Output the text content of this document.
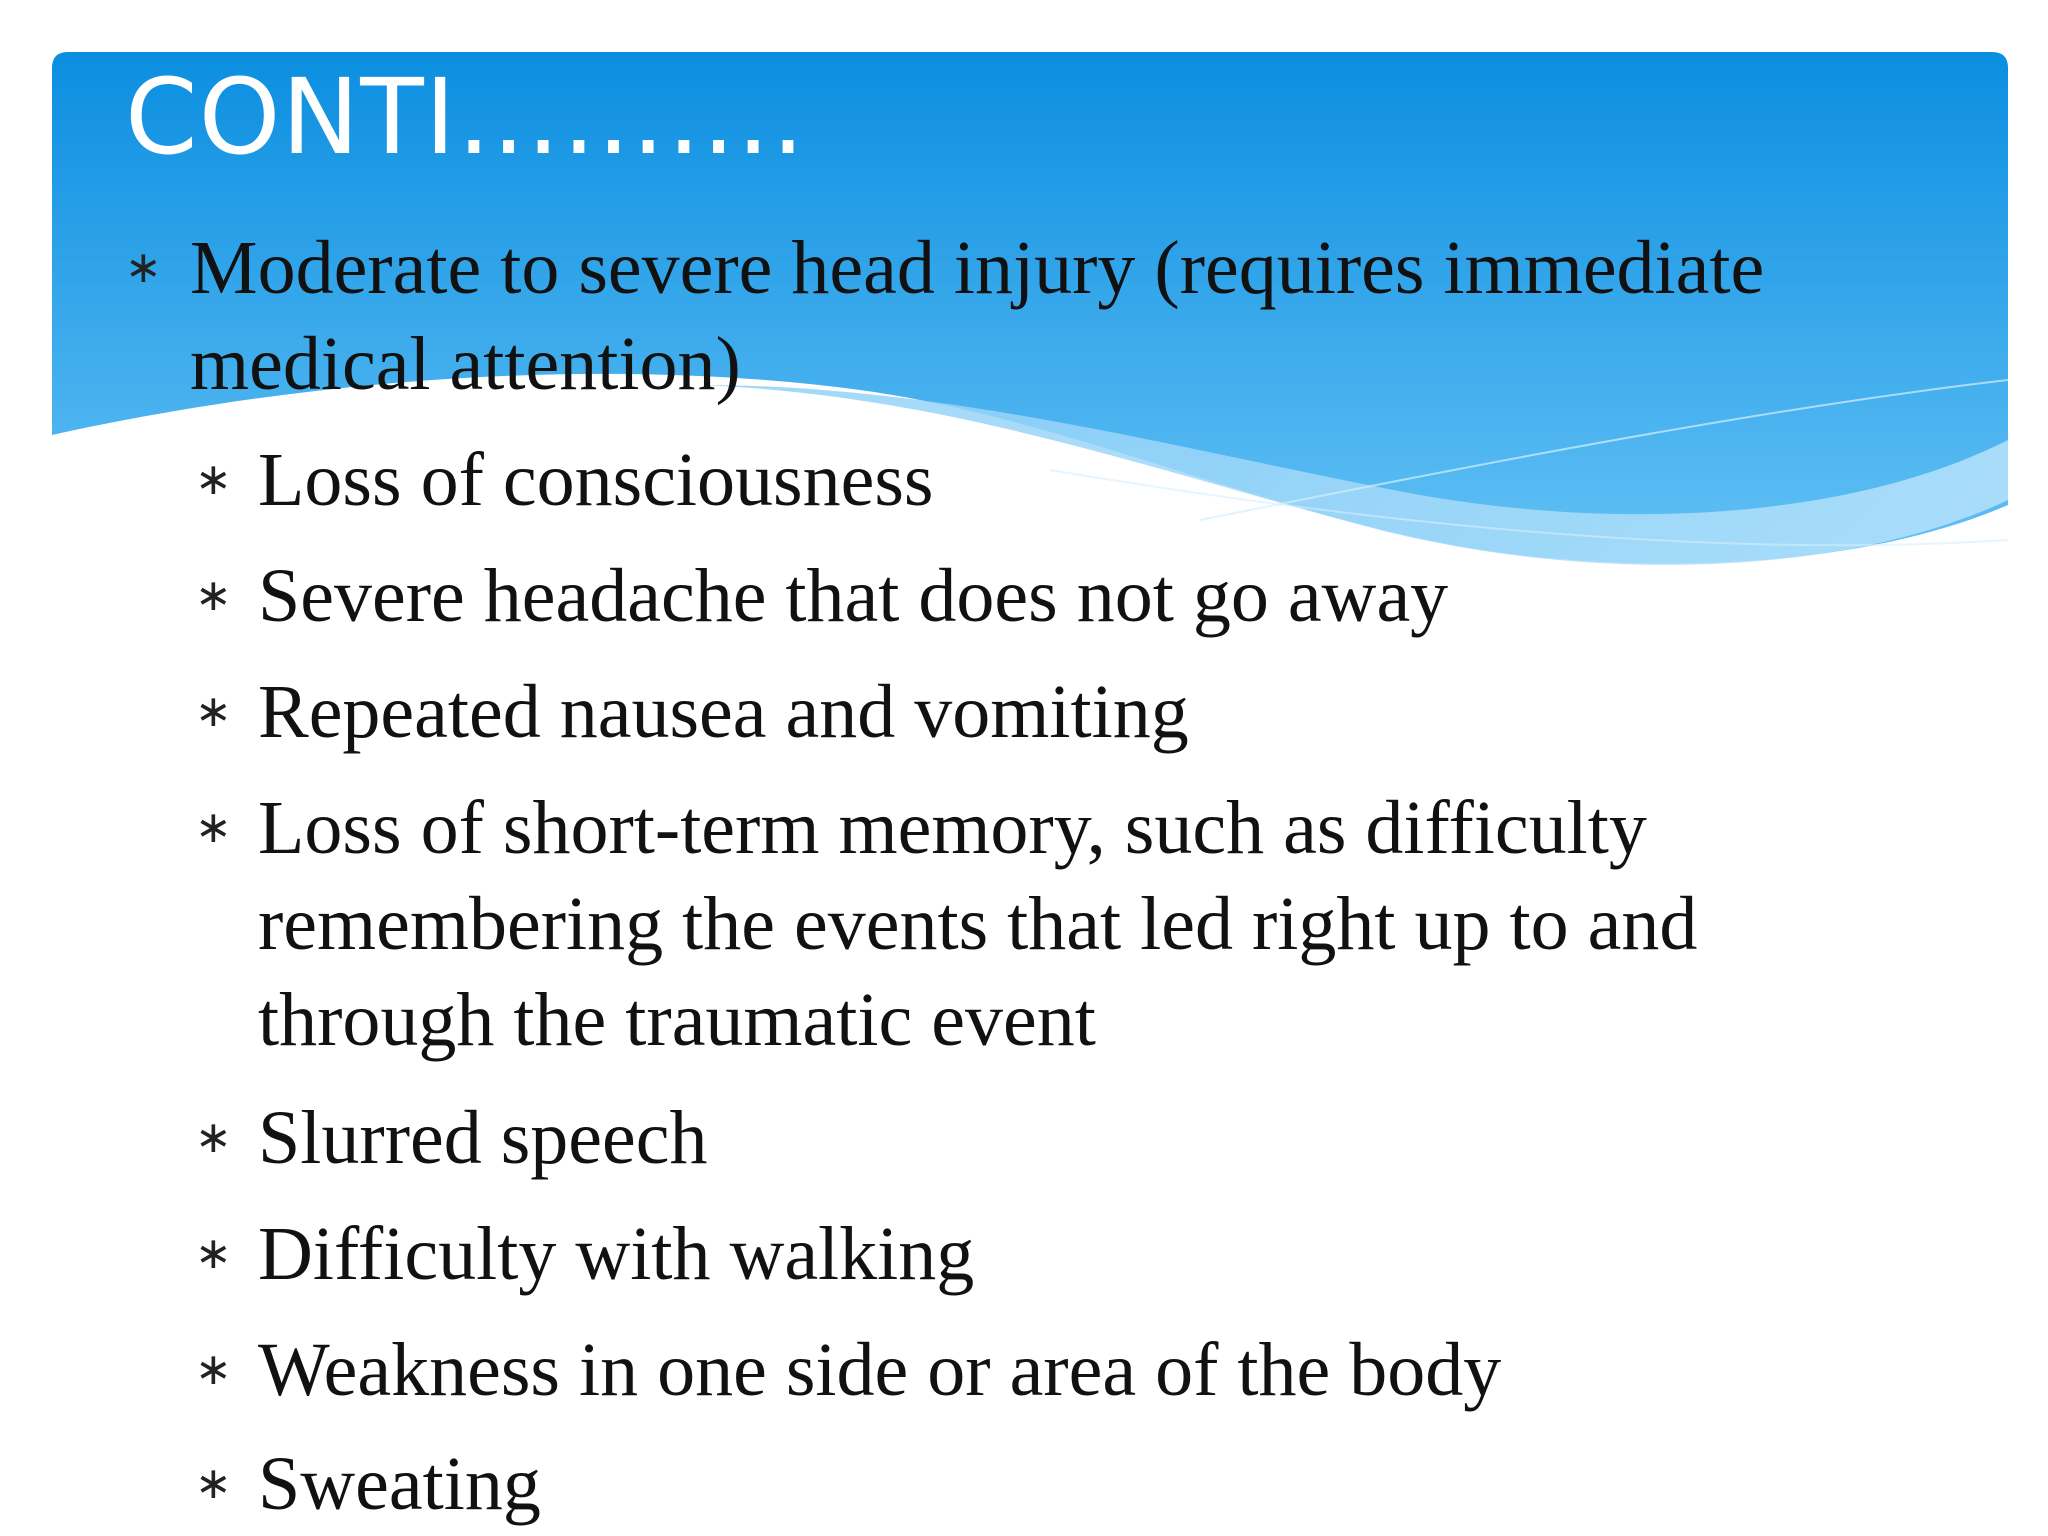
CONTI……….
∗ Moderate to severe head injury (requires immediate medical attention)
∗ Loss of consciousness
∗ Severe headache that does not go away
∗ Repeated nausea and vomiting
∗ Loss of short-term memory, such as difficulty remembering the events that led right up to and through the traumatic event
∗ Slurred speech
∗ Difficulty with walking
∗ Weakness in one side or area of the body
∗ Sweating
